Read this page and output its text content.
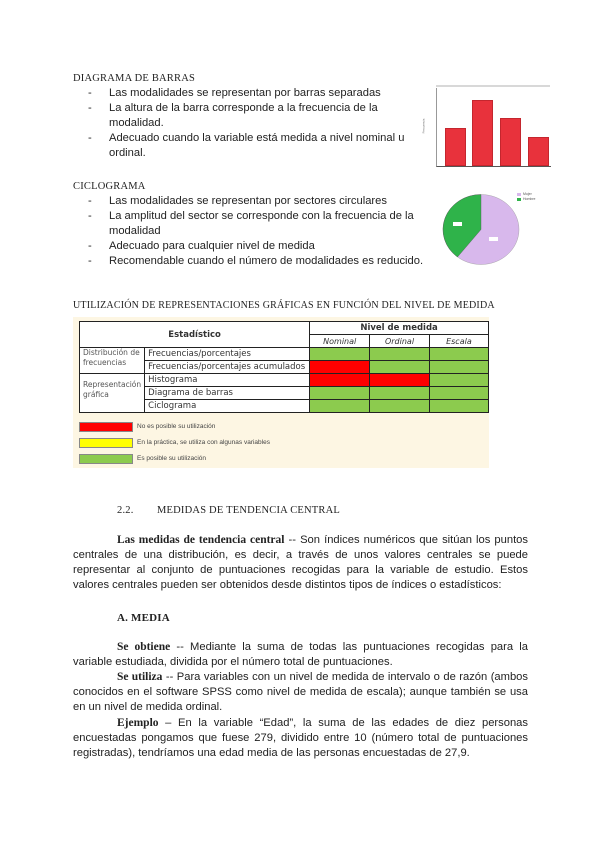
DIAGRAMA DE BARRAS
- Las modalidades se representan por barras separadas
- La altura de la barra corresponde a la frecuencia de la modalidad.
- Adecuado cuando la variable está medida a nivel nominal u ordinal.
Frecuencia
CICLOGRAMA
- Las modalidades se representan por sectores circulares
- La amplitud del sector se corresponde con la frecuencia de la modalidad
- Adecuado para cualquier nivel de medida
- Recomendable cuando el número de modalidades es reducido.
Mujer
Hombre
UTILIZACIÓN DE REPRESENTACIONES GRÁFICAS EN FUNCIÓN DEL NIVEL DE MEDIDA
Estadístico		Nivel de medida		
		Nominal	Ordinal	Escala
Distribución de frecuencias	Frecuencias/porcentajes			
	Frecuencias/porcentajes acumulados			
Representación gráfica	Histograma			
	Diagrama de barras			
	Ciclograma			
No es posible su utilización
En la práctica, se utiliza con algunas variables
Es posible su utilización
2.2. MEDIDAS DE TENDENCIA CENTRAL
Las medidas de tendencia central -- Son índices numéricos que sitúan los puntos centrales de una distribución, es decir, a través de unos valores centrales se puede representar al conjunto de puntuaciones recogidas para la variable de estudio. Estos valores centrales pueden ser obtenidos desde distintos tipos de índices o estadísticos:
A. MEDIA
Se obtiene -- Mediante la suma de todas las puntuaciones recogidas para la variable estudiada, dividida por el número total de puntuaciones.
Se utiliza -- Para variables con un nivel de medida de intervalo o de razón (ambos conocidos en el software SPSS como nivel de medida de escala); aunque también se usa en un nivel de medida ordinal.
Ejemplo – En la variable “Edad”, la suma de las edades de diez personas encuestadas pongamos que fuese 279, dividido entre 10 (número total de puntuaciones registradas), tendríamos una edad media de las personas encuestadas de 27,9.
